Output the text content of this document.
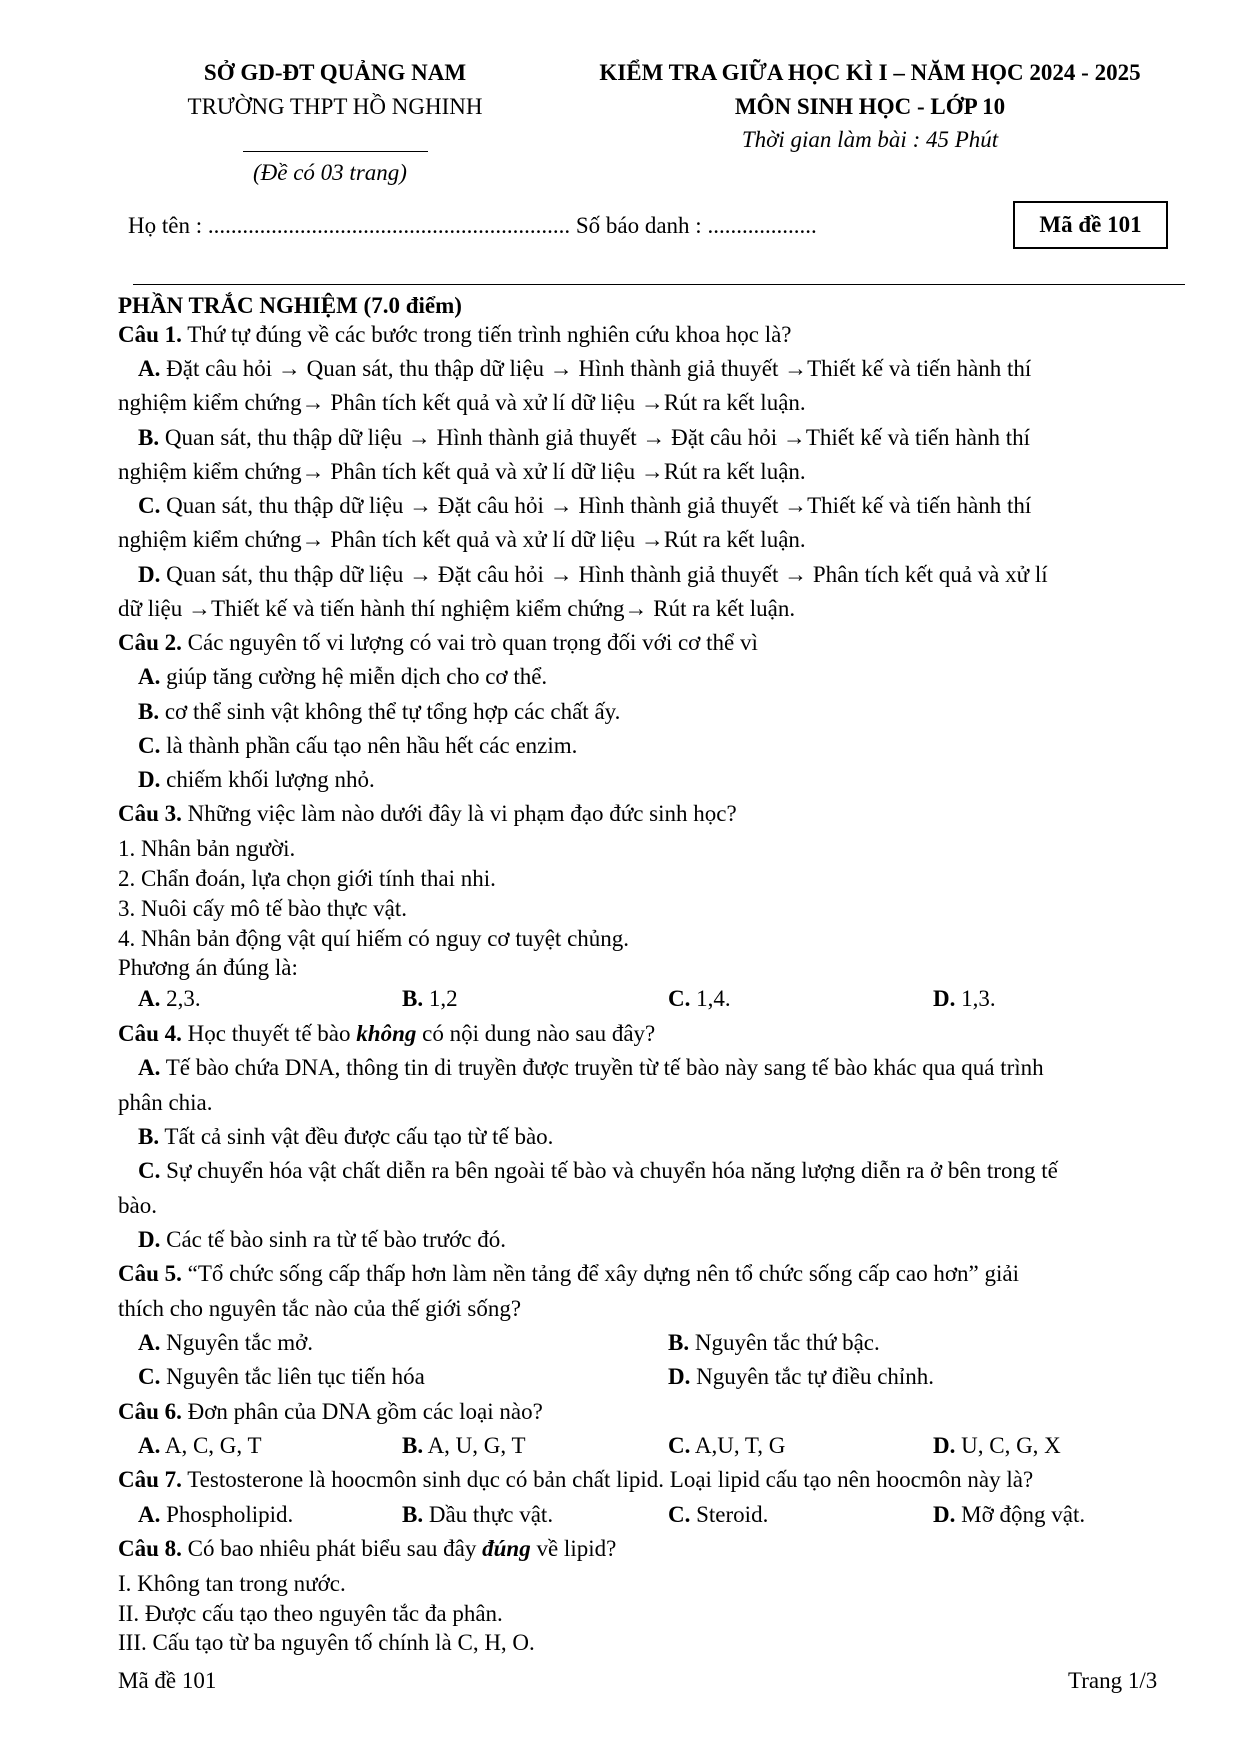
SỞ GD-ĐT QUẢNG NAM
TRƯỜNG THPT HỒ NGHINH
(Đề có 03 trang)
KIỂM TRA GIỮA HỌC KÌ I – NĂM HỌC 2024 - 2025
MÔN SINH HỌC - LỚP 10
Thời gian làm bài : 45 Phút
Họ tên : ............................................................... Số báo danh : ...................	Mã đề 101
PHẦN TRẮC NGHIỆM (7.0 điểm)
Câu 1. Thứ tự đúng về các bước trong tiến trình nghiên cứu khoa học là?
A. Đặt câu hỏi → Quan sát, thu thập dữ liệu → Hình thành giả thuyết →Thiết kế và tiến hành thí
nghiệm kiểm chứng→ Phân tích kết quả và xử lí dữ liệu →Rút ra kết luận.
B. Quan sát, thu thập dữ liệu → Hình thành giả thuyết → Đặt câu hỏi →Thiết kế và tiến hành thí
nghiệm kiểm chứng→ Phân tích kết quả và xử lí dữ liệu →Rút ra kết luận.
C. Quan sát, thu thập dữ liệu → Đặt câu hỏi → Hình thành giả thuyết →Thiết kế và tiến hành thí
nghiệm kiểm chứng→ Phân tích kết quả và xử lí dữ liệu →Rút ra kết luận.
D. Quan sát, thu thập dữ liệu → Đặt câu hỏi → Hình thành giả thuyết → Phân tích kết quả và xử lí
dữ liệu →Thiết kế và tiến hành thí nghiệm kiểm chứng→ Rút ra kết luận.
Câu 2. Các nguyên tố vi lượng có vai trò quan trọng đối với cơ thể vì
A. giúp tăng cường hệ miễn dịch cho cơ thể.
B. cơ thể sinh vật không thể tự tổng hợp các chất ấy.
C. là thành phần cấu tạo nên hầu hết các enzim.
D. chiếm khối lượng nhỏ.
Câu 3. Những việc làm nào dưới đây là vi phạm đạo đức sinh học?
1. Nhân bản người.
2. Chẩn đoán, lựa chọn giới tính thai nhi.
3. Nuôi cấy mô tế bào thực vật.
4. Nhân bản động vật quí hiếm có nguy cơ tuyệt chủng.
Phương án đúng là:
A. 2,3.	B. 1,2	C. 1,4.	D. 1,3.
Câu 4. Học thuyết tế bào không có nội dung nào sau đây?
A. Tế bào chứa DNA, thông tin di truyền được truyền từ tế bào này sang tế bào khác qua quá trình
phân chia.
B. Tất cả sinh vật đều được cấu tạo từ tế bào.
C. Sự chuyển hóa vật chất diễn ra bên ngoài tế bào và chuyển hóa năng lượng diễn ra ở bên trong tế
bào.
D. Các tế bào sinh ra từ tế bào trước đó.
Câu 5. “Tổ chức sống cấp thấp hơn làm nền tảng để xây dựng nên tổ chức sống cấp cao hơn” giải
thích cho nguyên tắc nào của thế giới sống?
A. Nguyên tắc mở.	B. Nguyên tắc thứ bậc.
C. Nguyên tắc liên tục tiến hóa	D. Nguyên tắc tự điều chỉnh.
Câu 6. Đơn phân của DNA gồm các loại nào?
A. A, C, G, T	B. A, U, G, T	C. A,U, T, G	D. U, C, G, X
Câu 7. Testosterone là hoocmôn sinh dục có bản chất lipid. Loại lipid cấu tạo nên hoocmôn này là?
A. Phospholipid.	B. Dầu thực vật.	C. Steroid.	D. Mỡ động vật.
Câu 8. Có bao nhiêu phát biểu sau đây đúng về lipid?
I. Không tan trong nước.
II. Được cấu tạo theo nguyên tắc đa phân.
III. Cấu tạo từ ba nguyên tố chính là C, H, O.
Mã đề 101	Trang 1/3
